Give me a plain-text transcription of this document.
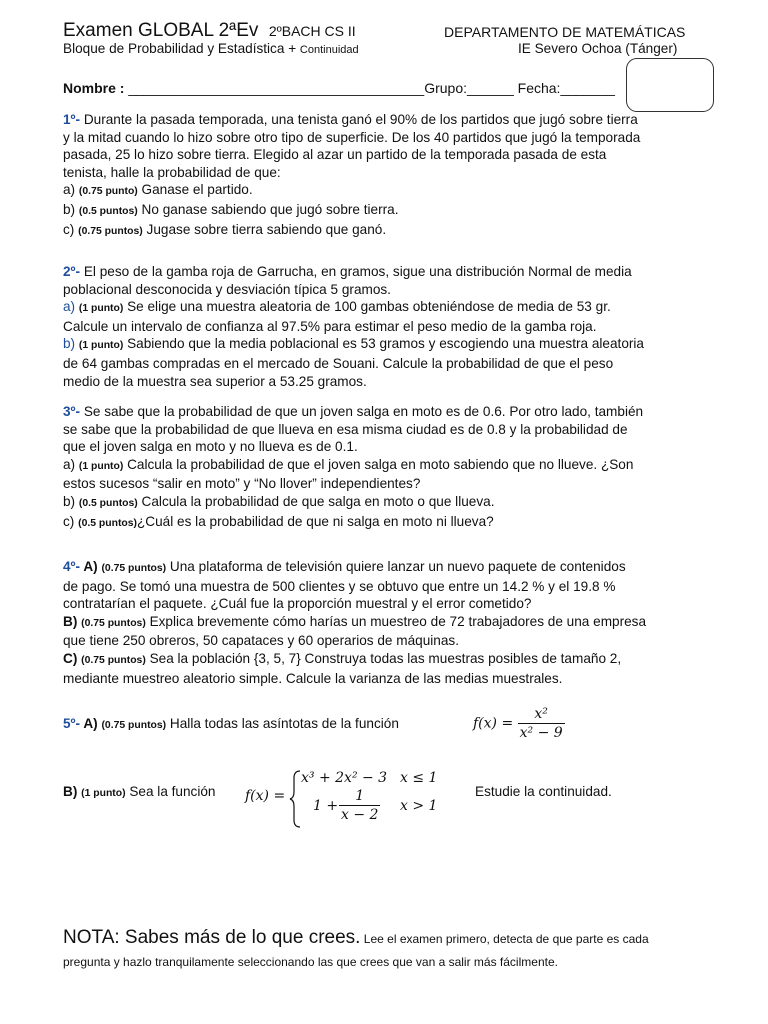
Examen GLOBAL 2ªEv 2ºBACH CS II	DEPARTAMENTO DE MATEMÁTICAS
Bloque de Probabilidad y Estadística + Continuidad	IE Severo Ochoa (Tánger)
Nombre : ______________________________________Grupo:______ Fecha:_______
1º- Durante la pasada temporada, una tenista ganó el 90% de los partidos que jugó sobre tierra
y la mitad cuando lo hizo sobre otro tipo de superficie. De los 40 partidos que jugó la temporada
pasada, 25 lo hizo sobre tierra. Elegido al azar un partido de la temporada pasada de esta
tenista, halle la probabilidad de que:
a) (0.75 punto) Ganase el partido.
b) (0.5 puntos) No ganase sabiendo que jugó sobre tierra.
c) (0.75 puntos) Jugase sobre tierra sabiendo que ganó.
2º- El peso de la gamba roja de Garrucha, en gramos, sigue una distribución Normal de media
poblacional desconocida y desviación típica 5 gramos.
a) (1 punto) Se elige una muestra aleatoria de 100 gambas obteniéndose de media de 53 gr.
Calcule un intervalo de confianza al 97.5% para estimar el peso medio de la gamba roja.
b) (1 punto) Sabiendo que la media poblacional es 53 gramos y escogiendo una muestra aleatoria
de 64 gambas compradas en el mercado de Souani. Calcule la probabilidad de que el peso
medio de la muestra sea superior a 53.25 gramos.
3º- Se sabe que la probabilidad de que un joven salga en moto es de 0.6. Por otro lado, también
se sabe que la probabilidad de que llueva en esa misma ciudad es de 0.8 y la probabilidad de
que el joven salga en moto y no llueva es de 0.1.
a) (1 punto) Calcula la probabilidad de que el joven salga en moto sabiendo que no llueve. ¿Son
estos sucesos “salir en moto” y “No llover” independientes?
b) (0.5 puntos) Calcula la probabilidad de que salga en moto o que llueva.
c) (0.5 puntos)¿Cuál es la probabilidad de que ni salga en moto ni llueva?
4º- A) (0.75 puntos) Una plataforma de televisión quiere lanzar un nuevo paquete de contenidos
de pago. Se tomó una muestra de 500 clientes y se obtuvo que entre un 14.2 % y el 19.8 %
contratarían el paquete. ¿Cuál fue la proporción muestral y el error cometido?
B) (0.75 puntos) Explica brevemente cómo harías un muestreo de 72 trabajadores de una empresa
que tiene 250 obreros, 50 capataces y 60 operarios de máquinas.
C) (0.75 puntos) Sea la población {3, 5, 7} Construya todas las muestras posibles de tamaño 2,
mediante muestreo aleatorio simple. Calcule la varianza de las medias muestrales.
5º- A) (0.75 puntos) Halla todas las asíntotas de la función	$f(x) = \frac{\text{x²}}{\text{x² − 9}}$
B) (1 punto) Sea la función f(x) =
x³ + 2x² − 3 x ≤ 1
$1 + \frac{1}{x - 2}$ x > 1
Estudie la continuidad.
NOTA: Sabes más de lo que crees. Lee el examen primero, detecta de que parte es cada
pregunta y hazlo tranquilamente seleccionando las que crees que van a salir más fácilmente.
